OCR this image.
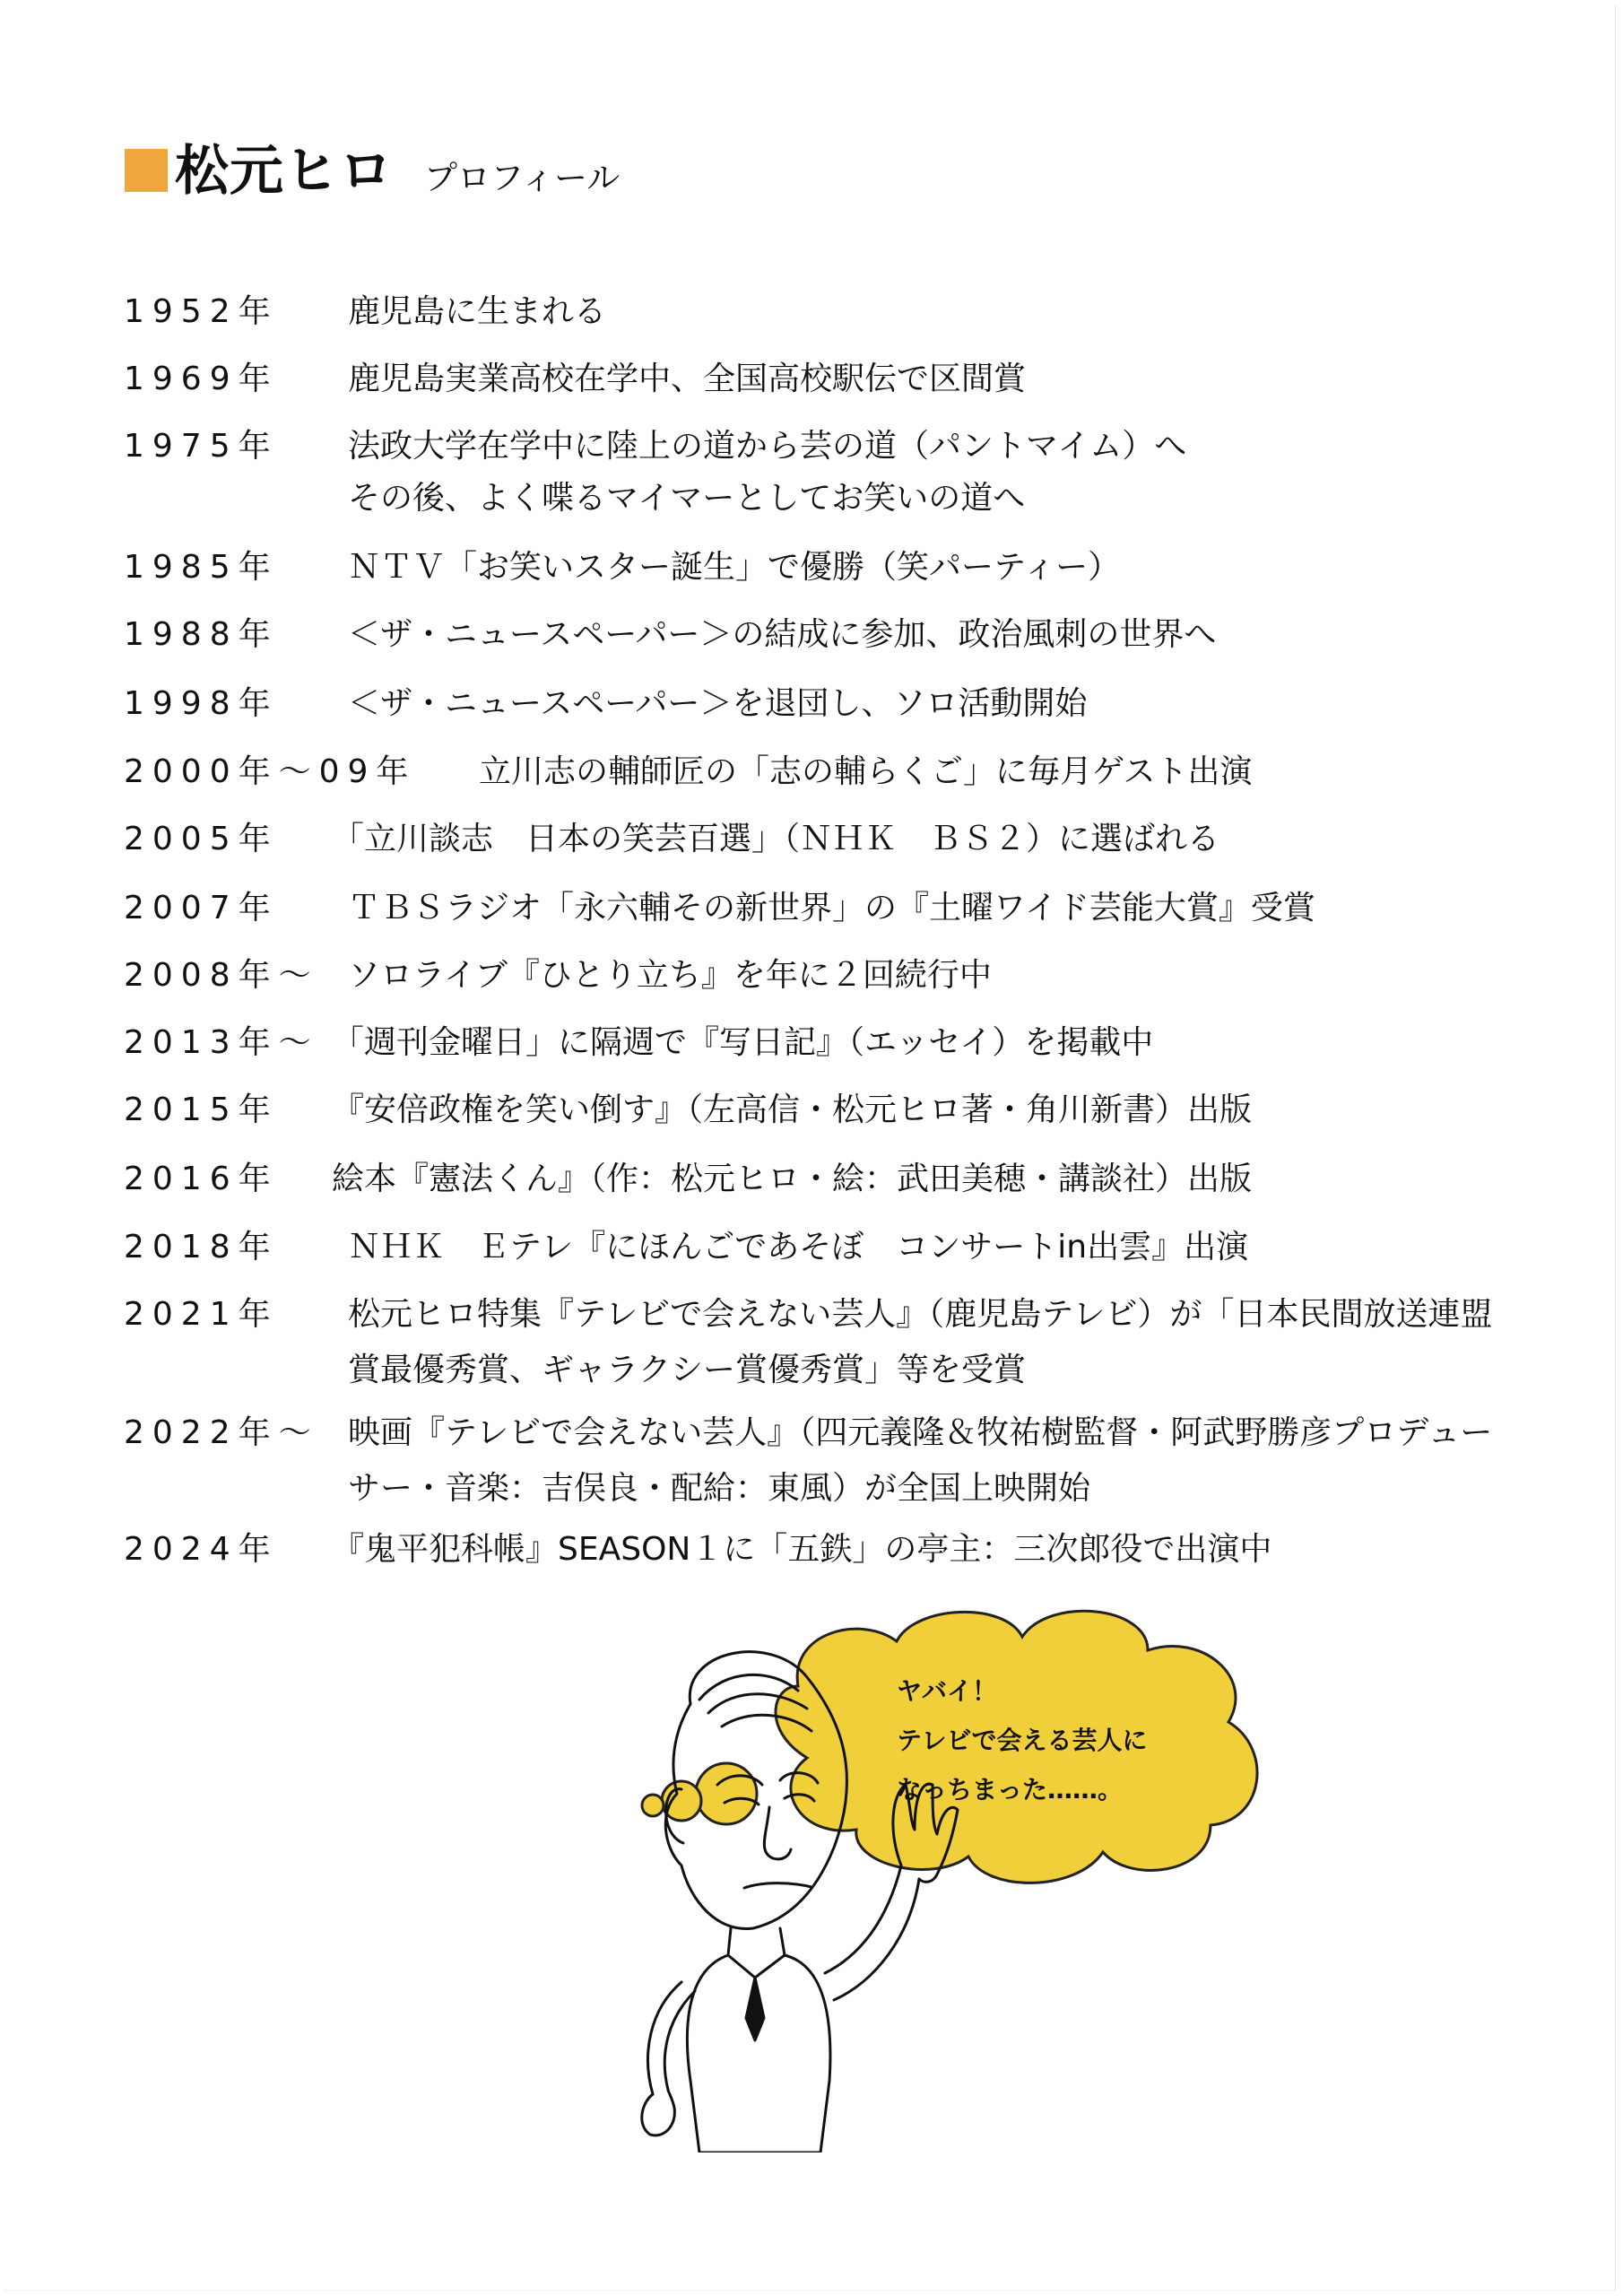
松元ヒロ プロフィール
1952年 鹿児島に生まれる
1969年 鹿児島実業高校在学中、全国高校駅伝で区間賞
1975年 法政大学在学中に陸上の道から芸の道（パントマイム）へ
その後、よく喋るマイマーとしてお笑いの道へ
1985年 ＮＴＶ「お笑いスター誕生」で優勝（笑パーティー）
1988年 ＜ザ・ニュースペーパー＞の結成に参加、政治風刺の世界へ
1998年 ＜ザ・ニュースペーパー＞を退団し、ソロ活動開始
2000年～09年 立川志の輔師匠の「志の輔らくご」に毎月ゲスト出演
2005年 「立川談志　日本の笑芸百選」（ＮＨＫ　ＢＳ２）に選ばれる
2007年 ＴＢＳラジオ「永六輔その新世界」の『土曜ワイド芸能大賞』受賞
2008年～ ソロライブ『ひとり立ち』を年に２回続行中
2013年～ 「週刊金曜日」に隔週で『写日記』（エッセイ）を掲載中
2015年 『安倍政権を笑い倒す』（左高信・松元ヒロ著・角川新書）出版
2016年 絵本『憲法くん』（作：松元ヒロ・絵：武田美穂・講談社）出版
2018年 ＮＨＫ　Ｅテレ『にほんごであそぼ　コンサートin出雲』出演
2021年 松元ヒロ特集『テレビで会えない芸人』（鹿児島テレビ）が「日本民間放送連盟
賞最優秀賞、ギャラクシー賞優秀賞」等を受賞
2022年～ 映画『テレビで会えない芸人』（四元義隆＆牧祐樹監督・阿武野勝彦プロデュー
サー・音楽：吉俣良・配給：東風）が全国上映開始
2024年 『鬼平犯科帳』SEASON１に「五鉄」の亭主：三次郎役で出演中
ヤバイ！
テレビで会える芸人に
なっちまった……。
